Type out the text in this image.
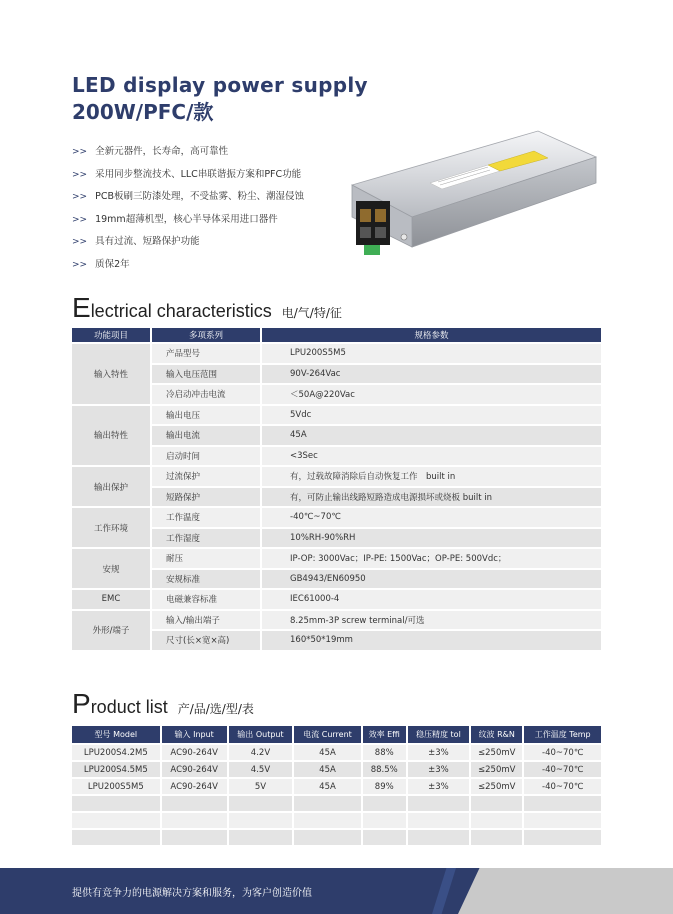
LED display power supply
200W/PFC/款
>> 全新元器件，长寿命，高可靠性
>> 采用同步整流技术、LLC串联谐振方案和PFC功能
>> PCB板刷三防漆处理，不受盐雾、粉尘、潮湿侵蚀
>> 19mm超薄机型，核心半导体采用进口器件
>> 具有过流、短路保护功能
>> 质保2年
Electrical characteristics 电/气/特/征
功能项目	多项系列	规格参数
输入特性	产品型号	LPU200S5M5
	输入电压范围	90V-264Vac
	冷启动冲击电流	＜50A@220Vac
输出特性	输出电压	5Vdc
	输出电流	45A
	启动时间	<3Sec
输出保护	过流保护	有，过载故障消除后自动恢复工作　built in
	短路保护	有，可防止输出线路短路造成电源损坏或烧板 built in
工作环境	工作温度	-40℃~70℃
	工作湿度	10%RH-90%RH
安规	耐压	IP-OP: 3000Vac；IP-PE: 1500Vac；OP-PE: 500Vdc；
	安规标准	GB4943/EN60950
EMC	电磁兼容标准	IEC61000-4
外形/端子	输入/输出端子	8.25mm-3P screw terminal/可选
	尺寸(长×宽×高)	160*50*19mm
Product list 产/品/选/型/表
型号 Model	输入 Input	输出 Output	电流 Current	效率 Effi	稳压精度 tol	纹波 R&N	工作温度 Temp
LPU200S4.2M5	AC90-264V	4.2V	45A	88%	±3%	≤250mV	-40~70℃
LPU200S4.5M5	AC90-264V	4.5V	45A	88.5%	±3%	≤250mV	-40~70℃
LPU200S5M5	AC90-264V	5V	45A	89%	±3%	≤250mV	-40~70℃

提供有竞争力的电源解决方案和服务，为客户创造价值
